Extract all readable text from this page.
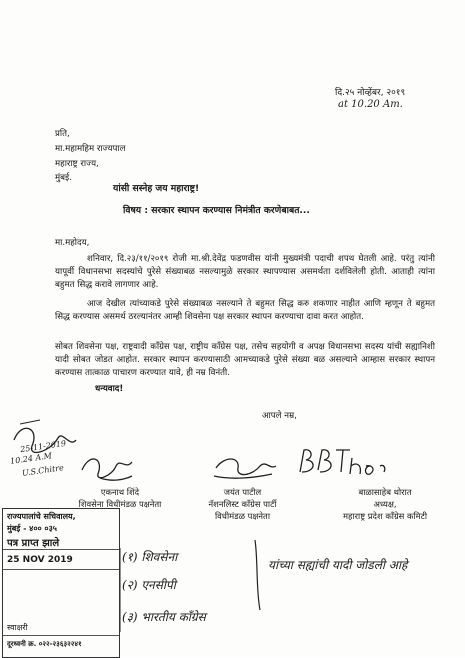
दि.२५ नोव्हेंबर, २०१९
at 10.20 Am.
प्रति,
मा.महामहिम राज्यपाल
महाराष्ट्र राज्य,
मुंबई.
यांसी सस्नेह जय महाराष्ट्र!
विषय : सरकार स्थापन करण्यास निमंत्रीत करणेबाबत...
मा.महोदय,
शनिवार, दि.२३/११/२०१९ रोजी मा.श्री.देवेंद्र फडणवीस यांनी मुख्यमंत्री पदाची शपथ घेतली आहे. परंतु त्यांनी यापूर्वी विधानसभा सदस्यांचे पुरेसे संख्याबळ नसल्यामुळे सरकार स्थापण्यास असमर्थता दर्शविलेली होती. आताही त्यांना बहुमत सिद्ध करावे लागणार आहे.
आज देखील त्यांच्याकडे पुरेसे संख्याबळ नसल्याने ते बहुमत सिद्ध करु शकणार नाहीत आणि म्हणून ते बहुमत सिद्ध करण्यास असमर्थ ठरल्यानंतर आम्ही शिवसेना पक्ष सरकार स्थापन करण्याचा दावा करत आहोत.
सोबत शिवसेना पक्ष, राष्ट्रवादी काँग्रेस पक्ष, राष्ट्रीय काँग्रेस पक्ष, तसेच सहयोगी व अपक्ष विधानसभा सदस्य यांची सह्यानिशी यादी सोबत जोडत आहोत. सरकार स्थापन करण्यासाठी आमच्याकडे पुरेसे संख्या बळ असल्याने आम्हास सरकार स्थापन करण्यास तात्काळ पाचारण करण्यात यावे, ही नम्र विनंती.
धन्यवाद!
आपले नम्र,
10.24 A.M
U.S.Chitre
25-11-2019
एकनाथ शिंदे
शिवसेना विधीमंडळ पक्षनेता
जयंत पाटील
नॅशनलिस्ट काँग्रेस पार्टी
विधीमंडळ पक्षनेता
बाळासाहेब थोरात
अध्यक्ष,
महाराष्ट्र प्रदेश काँग्रेस कमिटी
राज्यपालांचे सचिवालय,
मुंबई - ४०० ०३५
पत्र प्राप्त झाले
25 NOV 2019
स्वाक्षरी
दूरध्वनी क्र. ०२२-२३६३२२४१
(१) शिवसेना
(२) एनसीपी
(३) भारतीय काँग्रेस
यांच्या सह्यांची यादी जोडली आहे
